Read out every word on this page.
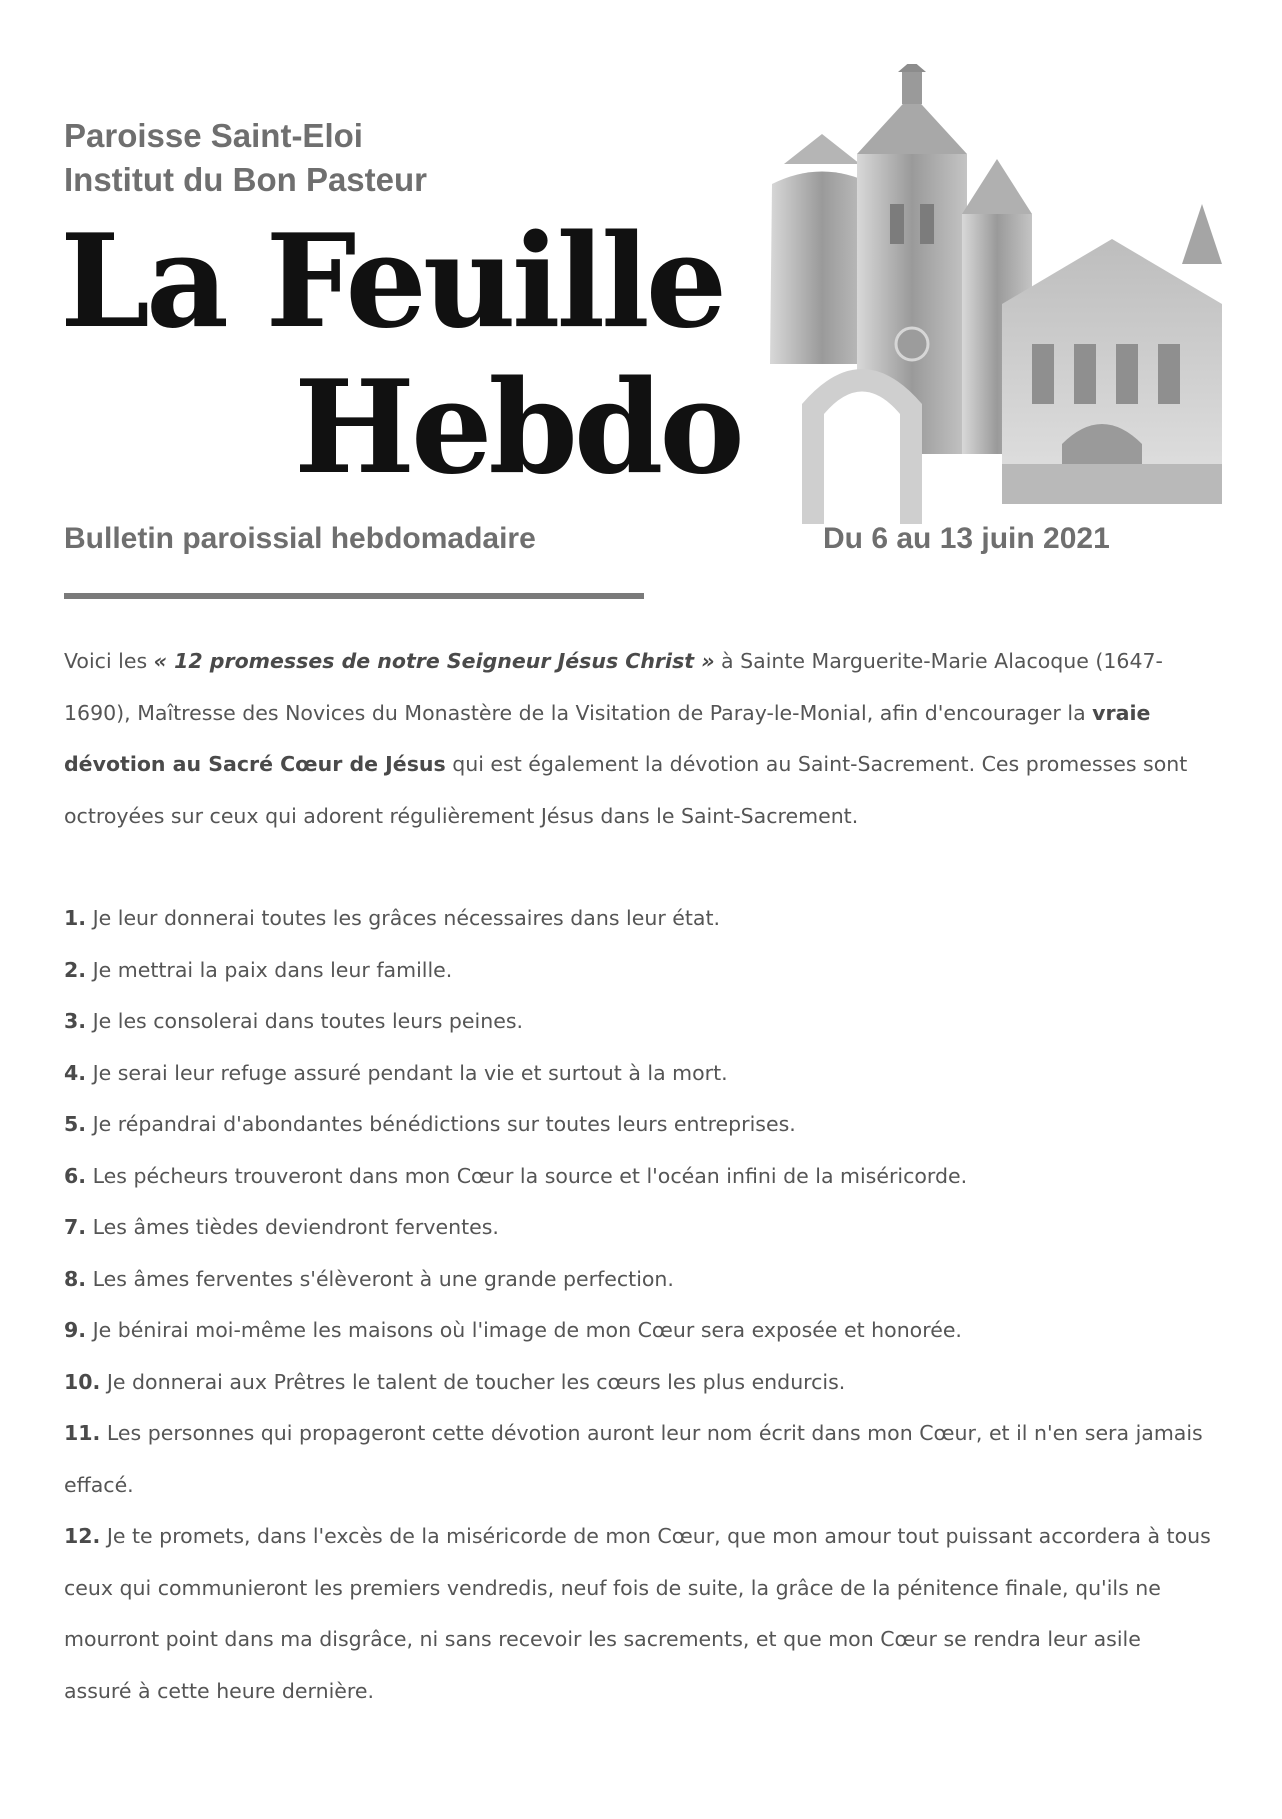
Paroisse Saint-Eloi
Institut du Bon Pasteur
La Feuille
Hebdo
Bulletin paroissial hebdomadaire	Du 6 au 13 juin 2021

Voici les « 12 promesses de notre Seigneur Jésus Christ » à Sainte Marguerite-Marie Alacoque (1647-1690), Maîtresse des Novices du Monastère de la Visitation de Paray-le-Monial, afin d'encourager la vraie dévotion au Sacré Cœur de Jésus qui est également la dévotion au Saint-Sacrement. Ces promesses sont octroyées sur ceux qui adorent régulièrement Jésus dans le Saint-Sacrement.

1. Je leur donnerai toutes les grâces nécessaires dans leur état.

2. Je mettrai la paix dans leur famille.

3. Je les consolerai dans toutes leurs peines.

4. Je serai leur refuge assuré pendant la vie et surtout à la mort.

5. Je répandrai d'abondantes bénédictions sur toutes leurs entreprises.

6. Les pécheurs trouveront dans mon Cœur la source et l'océan infini de la miséricorde.

7. Les âmes tièdes deviendront ferventes.

8. Les âmes ferventes s'élèveront à une grande perfection.

9. Je bénirai moi-même les maisons où l'image de mon Cœur sera exposée et honorée.

10. Je donnerai aux Prêtres le talent de toucher les cœurs les plus endurcis.

11. Les personnes qui propageront cette dévotion auront leur nom écrit dans mon Cœur, et il n'en sera jamais effacé.

12. Je te promets, dans l'excès de la miséricorde de mon Cœur, que mon amour tout puissant accordera à tous ceux qui communieront les premiers vendredis, neuf fois de suite, la grâce de la pénitence finale, qu'ils ne mourront point dans ma disgrâce, ni sans recevoir les sacrements, et que mon Cœur se rendra leur asile assuré à cette heure dernière.
